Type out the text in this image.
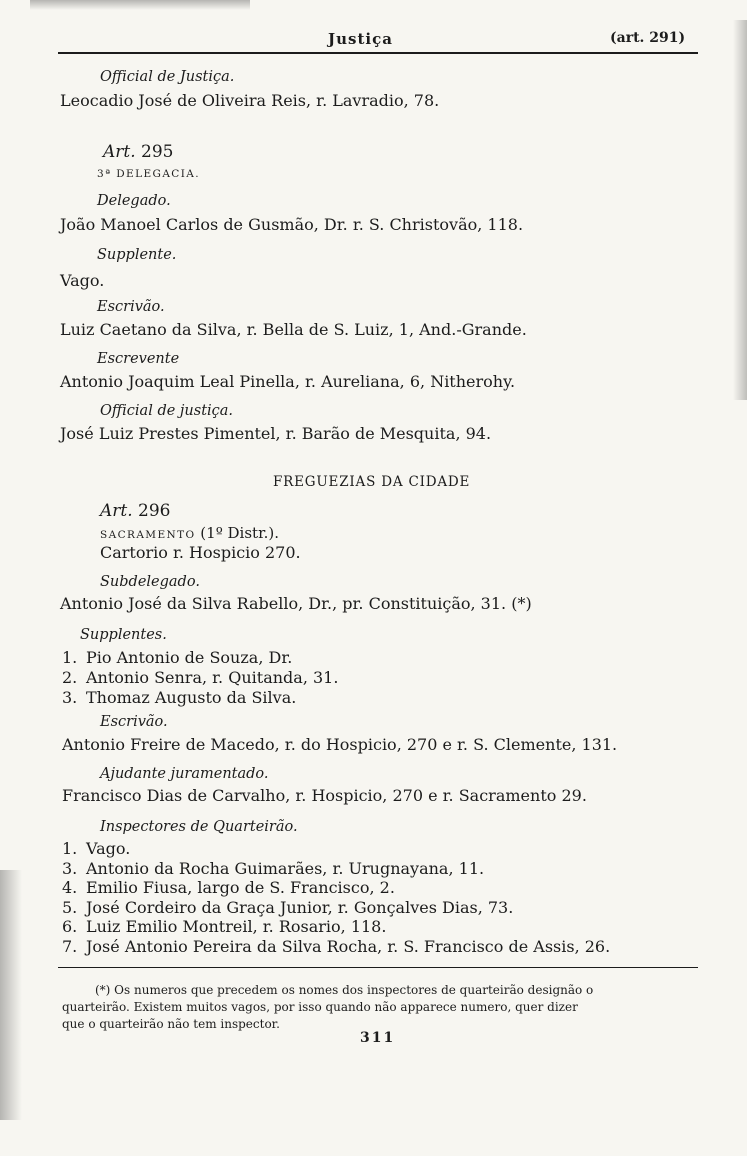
Justiça	(art. 291)
Official de Justiça.
Leocadio José de Oliveira Reis, r. Lavradio, 78.
Art. 295
3ª DELEGACIA.
Delegado.
João Manoel Carlos de Gusmão, Dr. r. S. Christovão, 118.
Supplente.
Vago.
Escrivão.
Luiz Caetano da Silva, r. Bella de S. Luiz, 1, And.-Grande.
Escrevente
Antonio Joaquim Leal Pinella, r. Aureliana, 6, Nitherohy.
Official de justiça.
José Luiz Prestes Pimentel, r. Barão de Mesquita, 94.
FREGUEZIAS DA CIDADE
Art. 296
SACRAMENTO (1º Distr.).
Cartorio r. Hospicio 270.
Subdelegado.
Antonio José da Silva Rabello, Dr., pr. Constituição, 31. (*)
Supplentes.
1. Pio Antonio de Souza, Dr.
2. Antonio Senra, r. Quitanda, 31.
3. Thomaz Augusto da Silva.
Escrivão.
Antonio Freire de Macedo, r. do Hospicio, 270 e r. S. Clemente, 131.
Ajudante juramentado.
Francisco Dias de Carvalho, r. Hospicio, 270 e r. Sacramento 29.
Inspectores de Quarteirão.
1. Vago.
3. Antonio da Rocha Guimarães, r. Urugnayana, 11.
4. Emilio Fiusa, largo de S. Francisco, 2.
5. José Cordeiro da Graça Junior, r. Gonçalves Dias, 73.
6. Luiz Emilio Montreil, r. Rosario, 118.
7. José Antonio Pereira da Silva Rocha, r. S. Francisco de Assis, 26.
(*) Os numeros que precedem os nomes dos inspectores de quarteirão designão o
quarteirão. Existem muitos vagos, por isso quando não apparece numero, quer dizer
que o quarteirão não tem inspector.
311
